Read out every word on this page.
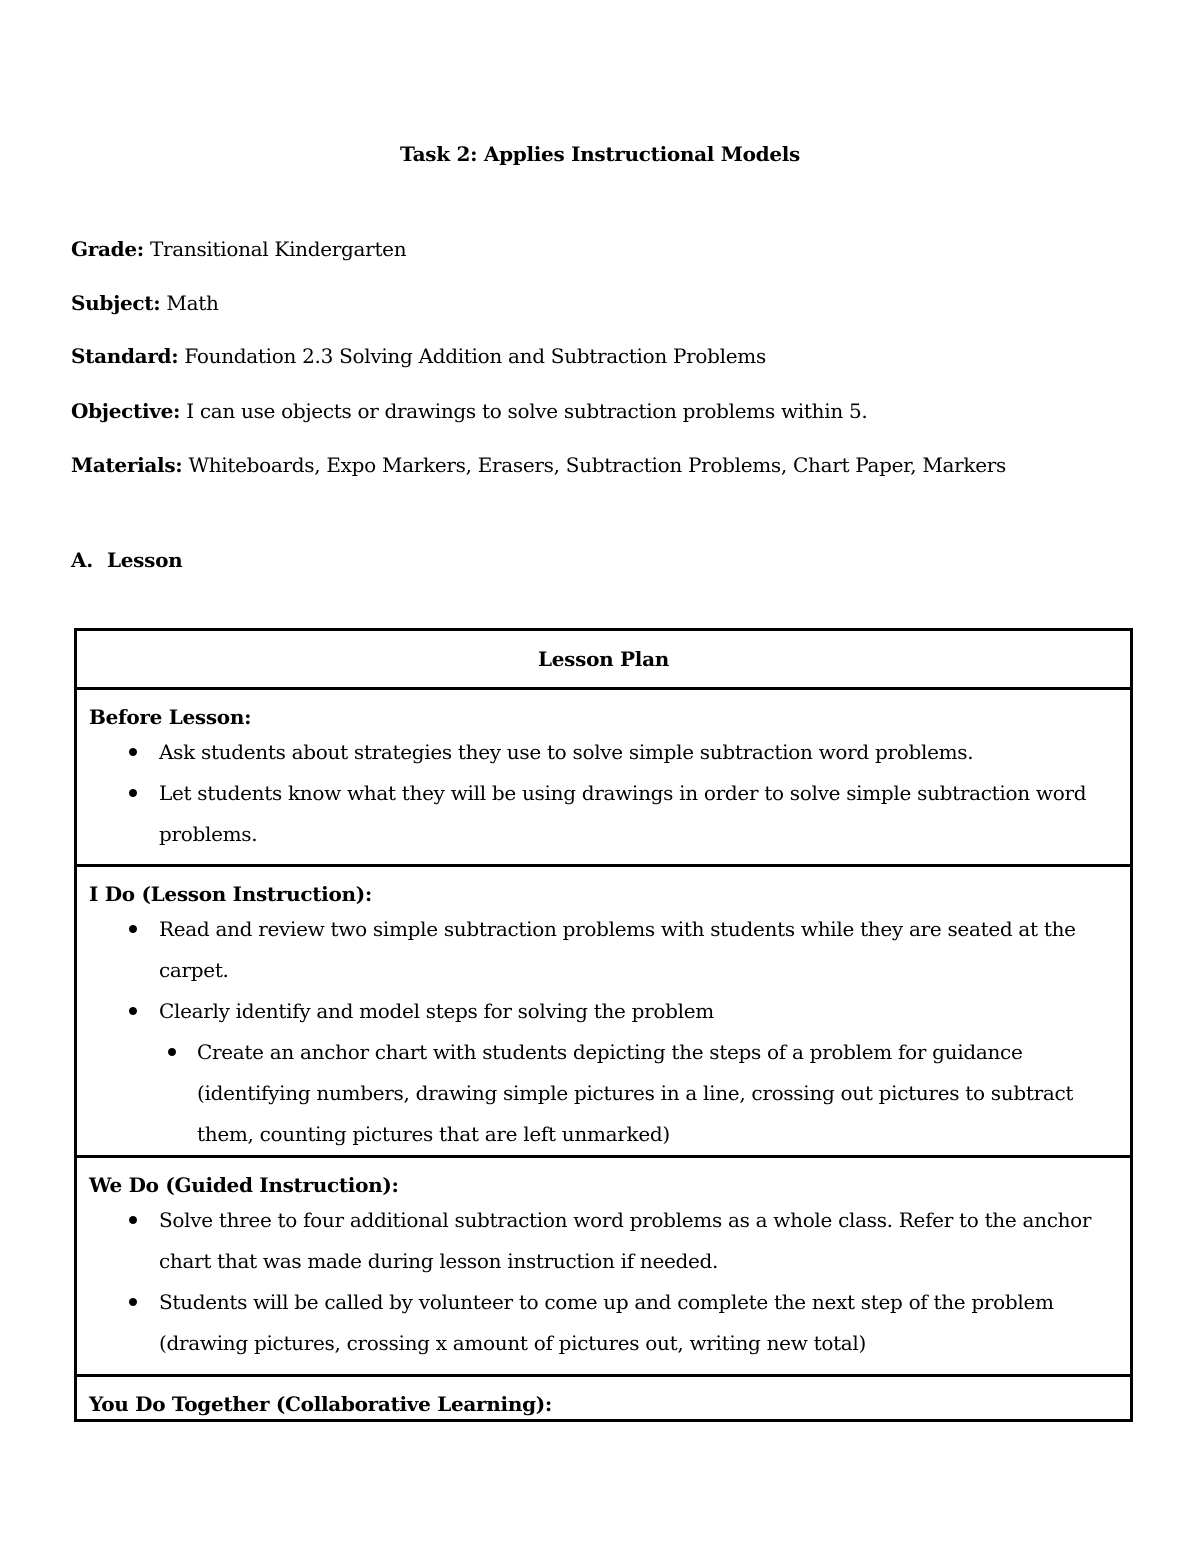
Task 2: Applies Instructional Models
Grade: Transitional Kindergarten
Subject: Math
Standard: Foundation 2.3 Solving Addition and Subtraction Problems
Objective: I can use objects or drawings to solve subtraction problems within 5.
Materials: Whiteboards, Expo Markers, Erasers, Subtraction Problems, Chart Paper, Markers
A. Lesson
Lesson Plan

Before Lesson:
Ask students about strategies they use to solve simple subtraction word problems.
Let students know what they will be using drawings in order to solve simple subtraction word problems.

I Do (Lesson Instruction):
Read and review two simple subtraction problems with students while they are seated at the carpet.
Clearly identify and model steps for solving the problem
Create an anchor chart with students depicting the steps of a problem for guidance (identifying numbers, drawing simple pictures in a line, crossing out pictures to subtract them, counting pictures that are left unmarked)

We Do (Guided Instruction):
Solve three to four additional subtraction word problems as a whole class. Refer to the anchor chart that was made during lesson instruction if needed.
Students will be called by volunteer to come up and complete the next step of the problem (drawing pictures, crossing x amount of pictures out, writing new total)

You Do Together (Collaborative Learning):
